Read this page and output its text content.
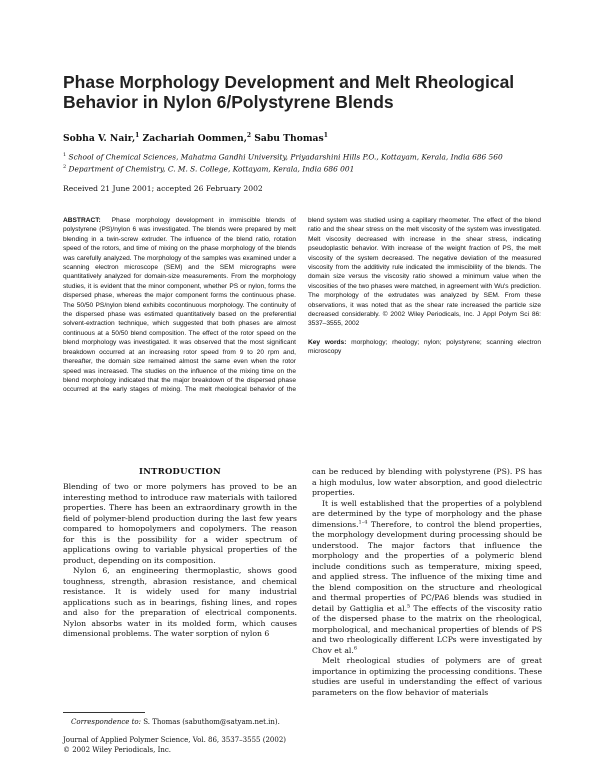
Phase Morphology Development and Melt Rheological Behavior in Nylon 6/Polystyrene Blends
Sobha V. Nair,$^1$ Zachariah Oommen,$^2$ Sabu Thomas$^1$
$^1$ School of Chemical Sciences, Mahatma Gandhi University, Priyadarshini Hills P.O., Kottayam, Kerala, India 686 560
$^2$ Department of Chemistry, C. M. S. College, Kottayam, Kerala, India 686 001
Received 21 June 2001; accepted 26 February 2002

ABSTRACT: Phase morphology development in immiscible blends of polystyrene (PS)/nylon 6 was investigated. The blends were prepared by melt blending in a twin-screw extruder. The influence of the blend ratio, rotation speed of the rotors, and time of mixing on the phase morphology of the blends was carefully analyzed. The morphology of the samples was examined under a scanning electron microscope (SEM) and the SEM micrographs were quantitatively analyzed for domain-size measurements. From the morphology studies, it is evident that the minor component, whether PS or nylon, forms the dispersed phase, whereas the major component forms the continuous phase. The 50/50 PS/nylon blend exhibits cocontinuous morphology. The continuity of the dispersed phase was estimated quantitatively based on the preferential solvent-extraction technique, which suggested that both phases are almost continuous at a 50/50 blend composition. The effect of the rotor speed on the blend morphology was investigated. It was observed that the most significant breakdown occurred at an increasing rotor speed from 9 to 20 rpm and, thereafter, the domain size remained almost the same even when the rotor speed was increased. The studies on the influence of the mixing time on the blend morphology indicated that the major breakdown of the dispersed phase occurred at the early stages of mixing. The melt rheological behavior of the blend system was studied using a capillary rheometer. The effect of the blend ratio and the shear stress on the melt viscosity of the system was investigated. Melt viscosity decreased with increase in the shear stress, indicating pseudoplastic behavior. With increase of the weight fraction of PS, the melt viscosity of the system decreased. The negative deviation of the measured viscosity from the additivity rule indicated the immiscibility of the blends. The domain size versus the viscosity ratio showed a minimum value when the viscosities of the two phases were matched, in agreement with Wu's prediction. The morphology of the extrudates was analyzed by SEM. From these observations, it was noted that as the shear rate increased the particle size decreased considerably. © 2002 Wiley Periodicals, Inc. J Appl Polym Sci 86: 3537–3555, 2002

Key words: morphology; rheology; nylon; polystyrene; scanning electron microscopy

INTRODUCTION

Blending of two or more polymers has proved to be an interesting method to introduce raw materials with tailored properties. There has been an extraordinary growth in the field of polymer-blend production during the last few years compared to homopolymers and copolymers. The reason for this is the possibility for a wider spectrum of applications owing to variable physical properties of the product, depending on its composition.

Nylon 6, an engineering thermoplastic, shows good toughness, strength, abrasion resistance, and chemical resistance. It is widely used for many industrial applications such as in bearings, fishing lines, and ropes and also for the preparation of electrical components. Nylon absorbs water in its molded form, which causes dimensional problems. The water sorption of nylon 6

can be reduced by blending with polystyrene (PS). PS has a high modulus, low water absorption, and good dielectric properties.

It is well established that the properties of a polyblend are determined by the type of morphology and the phase dimensions.$^{1-4}$ Therefore, to control the blend properties, the morphology development during processing should be understood. The major factors that influence the morphology and the properties of a polymeric blend include conditions such as temperature, mixing speed, and applied stress. The influence of the mixing time and the blend composition on the structure and rheological and thermal properties of PC/PA6 blends was studied in detail by Gattiglia et al.$^5$ The effects of the viscosity ratio of the dispersed phase to the matrix on the rheological, morphological, and mechanical properties of blends of PS and two rheologically different LCPs were investigated by Chov et al.$^6$

Melt rheological studies of polymers are of great importance in optimizing the processing conditions. These studies are useful in understanding the effect of various parameters on the flow behavior of materials

Correspondence to: S. Thomas (sabuthom@satyam.net.in).
Journal of Applied Polymer Science, Vol. 86, 3537–3555 (2002)
© 2002 Wiley Periodicals, Inc.
